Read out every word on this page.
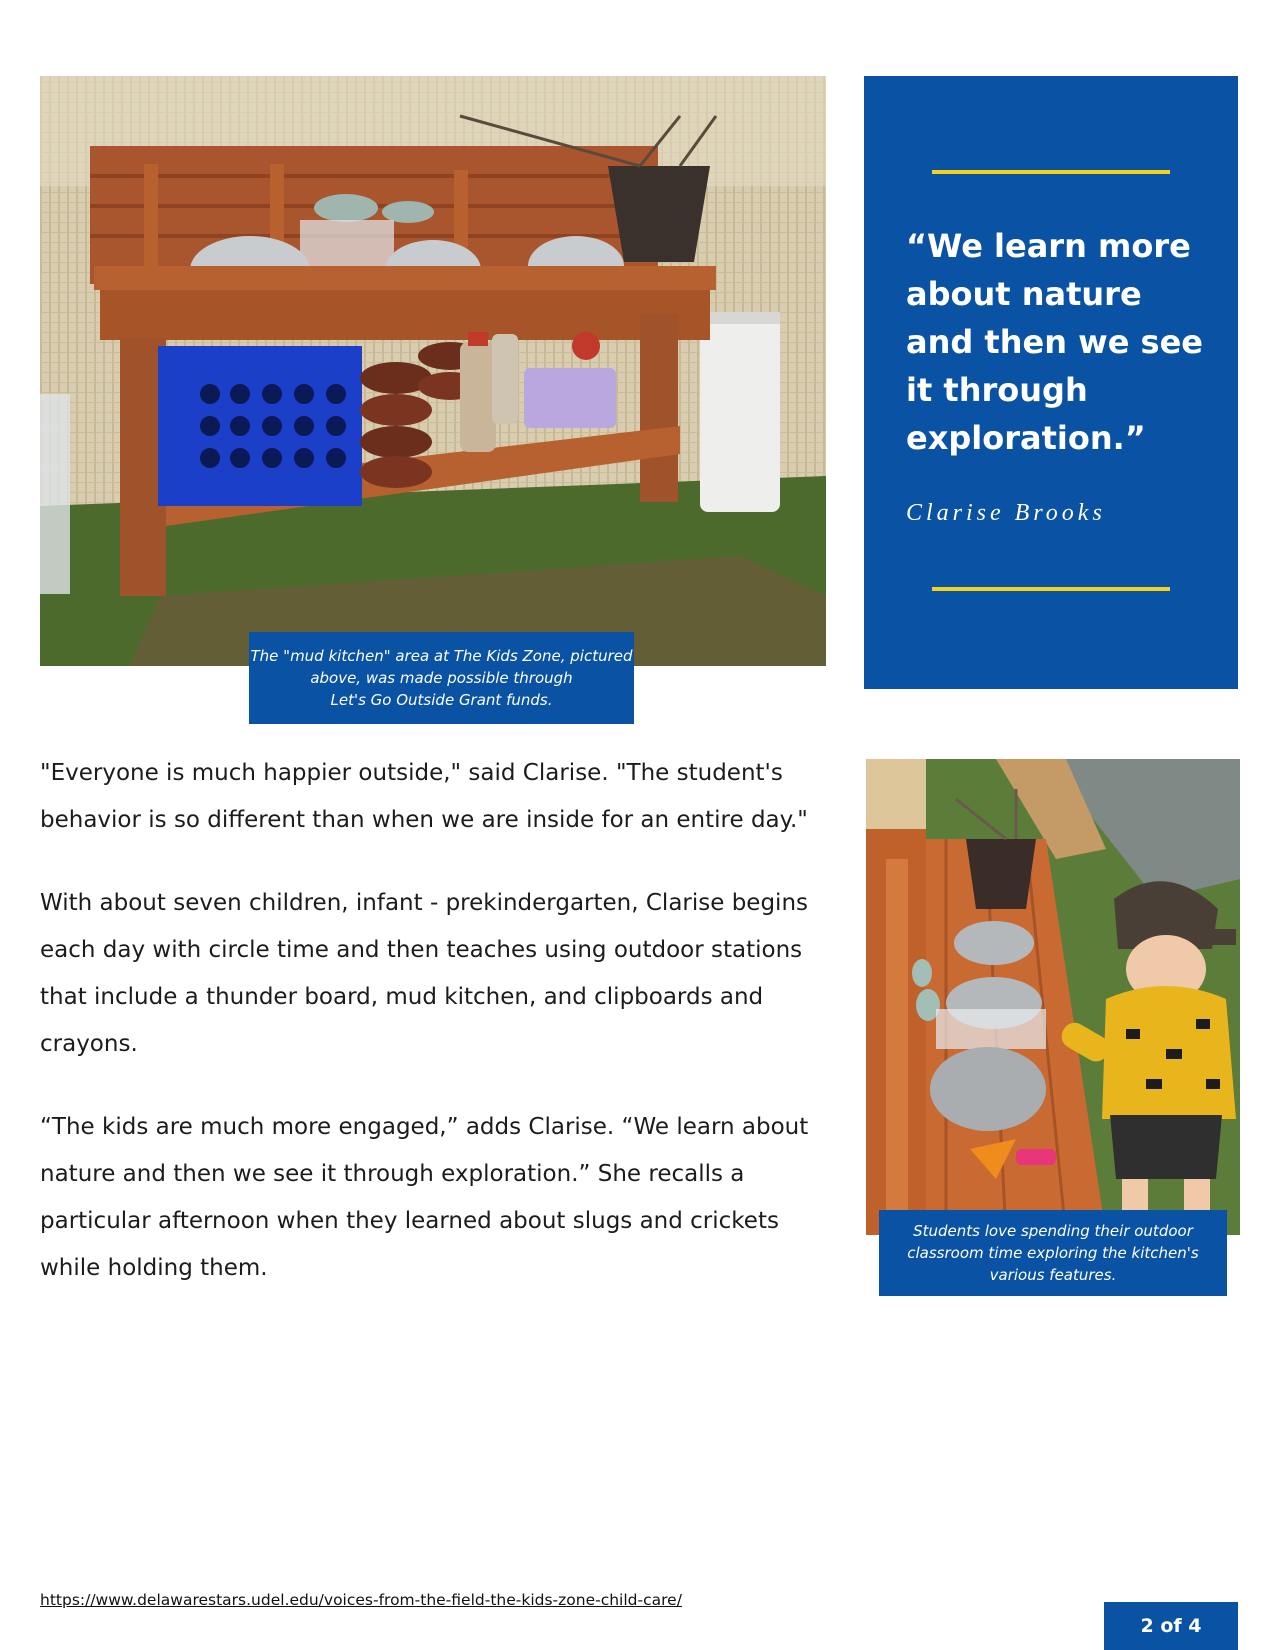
The "mud kitchen" area at The Kids Zone, pictured
above, was made possible through
Let's Go Outside Grant funds.

“We learn more about nature and then we see it through exploration.”

Clarise Brooks

"Everyone is much happier outside," said Clarise. "The student's behavior is so different than when we are inside for an entire day."

With about seven children, infant - prekindergarten, Clarise begins each day with circle time and then teaches using outdoor stations that include a thunder board, mud kitchen, and clipboards and crayons.

“The kids are much more engaged,” adds Clarise. “We learn about nature and then we see it through exploration.” She recalls a particular afternoon when they learned about slugs and crickets while holding them.

Students love spending their outdoor
classroom time exploring the kitchen's
various features.
https://www.delawarestars.udel.edu/voices-from-the-field-the-kids-zone-child-care/
2 of 4
